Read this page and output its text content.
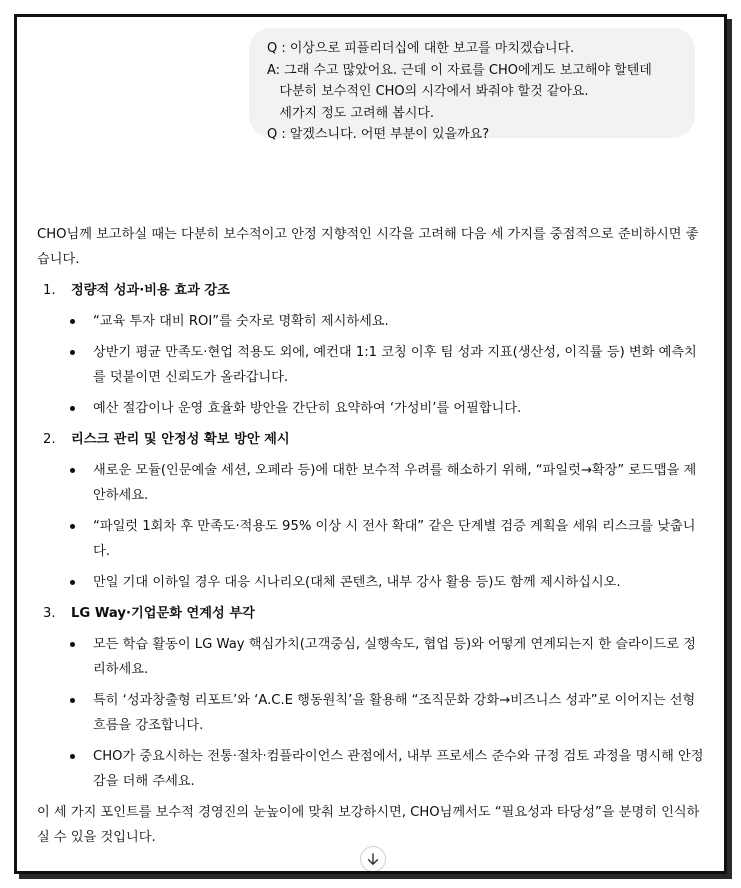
Q : 이상으로 피플리더십에 대한 보고를 마치겠습니다.
A: 그래 수고 많았어요. 근데 이 자료를 CHO에게도 보고해야 할텐데
다분히 보수적인 CHO의 시각에서 봐줘야 할것 같아요.
세가지 정도 고려해 봅시다.
Q : 알겠스니다. 어떤 부분이 있을까요?

CHO님께 보고하실 때는 다분히 보수적이고 안정 지향적인 시각을 고려해 다음 세 가지를 중점적으로 준비하시면 좋습니다.

1.	정량적 성과·비용 효과 강조
“교육 투자 대비 ROI”를 숫자로 명확히 제시하세요.
상반기 평균 만족도·현업 적용도 외에, 예컨대 1:1 코칭 이후 팀 성과 지표(생산성, 이직률 등) 변화 예측치를 덧붙이면 신뢰도가 올라갑니다.
예산 절감이나 운영 효율화 방안을 간단히 요약하여 ‘가성비’를 어필합니다.
2.	리스크 관리 및 안정성 확보 방안 제시
새로운 모듈(인문예술 세션, 오페라 등)에 대한 보수적 우려를 해소하기 위해, “파일럿→확장” 로드맵을 제안하세요.
“파일럿 1회차 후 만족도·적용도 95% 이상 시 전사 확대” 같은 단계별 검증 계획을 세워 리스크를 낮춥니다.
만일 기대 이하일 경우 대응 시나리오(대체 콘텐츠, 내부 강사 활용 등)도 함께 제시하십시오.
3.	LG Way·기업문화 연계성 부각
모든 학습 활동이 LG Way 핵심가치(고객중심, 실행속도, 협업 등)와 어떻게 연계되는지 한 슬라이드로 정리하세요.
특히 ‘성과창출형 리포트’와 ‘A.C.E 행동원칙’을 활용해 “조직문화 강화→비즈니스 성과”로 이어지는 선형 흐름을 강조합니다.
CHO가 중요시하는 전통·절차·컴플라이언스 관점에서, 내부 프로세스 준수와 규정 검토 과정을 명시해 안정감을 더해 주세요.

이 세 가지 포인트를 보수적 경영진의 눈높이에 맞춰 보강하시면, CHO님께서도 “필요성과 타당성”을 분명히 인식하실 수 있을 것입니다.
